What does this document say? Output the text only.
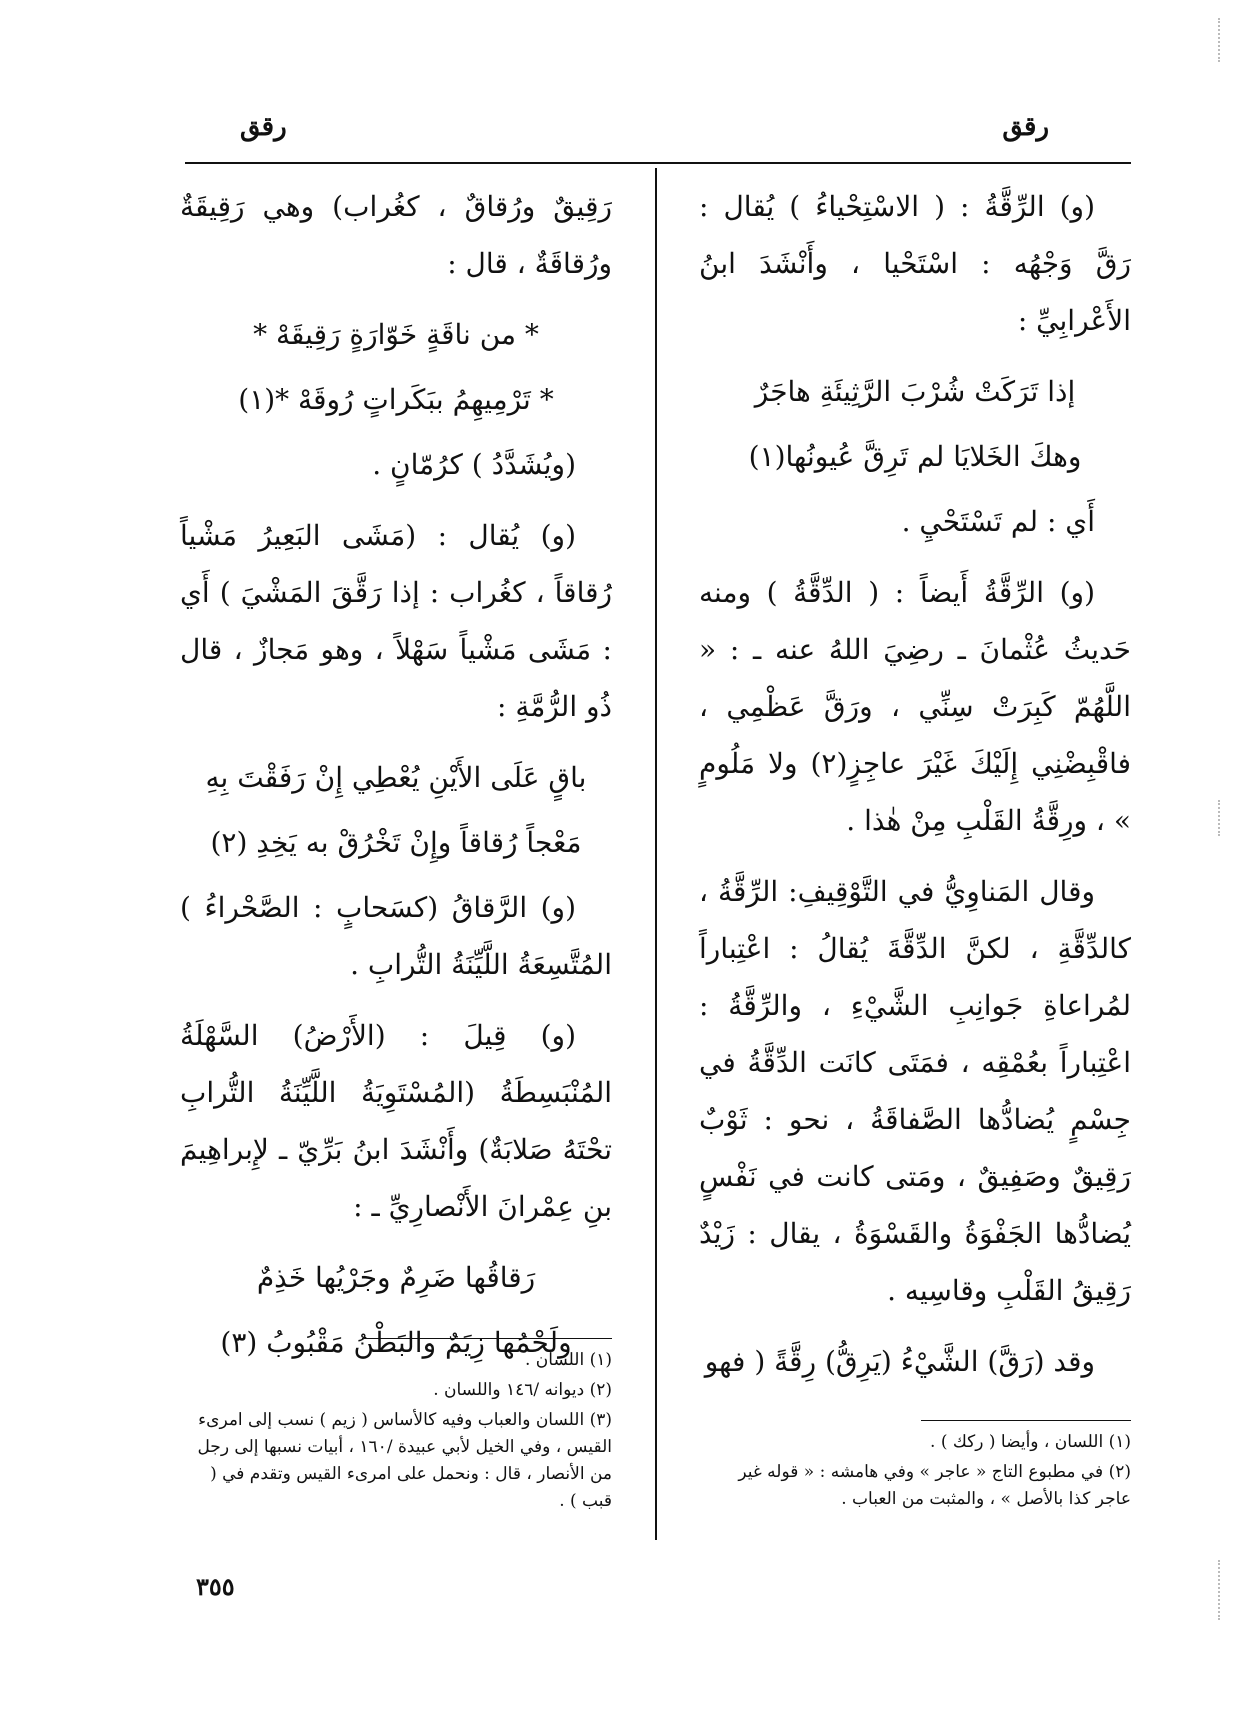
رقق
رقق

(و) الرِّقَّةُ : ( الاسْتِحْياءُ ) يُقال : رَقَّ وَجْهُه : اسْتَحْيا ، وأَنْشَدَ ابنُ الأَعْرابِيِّ :

إذا تَرَكَتْ شُرْبَ الرَّثِيئَةِ هاجَرٌ

وهكَ الخَلايَا لم تَرِقَّ عُيونُها(١)

أَي : لم تَسْتَحْيِ .

(و) الرِّقَّةُ أَيضاً : ( الدِّقَّةُ ) ومنه حَديثُ عُثْمانَ ـ رضِيَ اللهُ عنه ـ : « اللَّهُمّ كَبِرَتْ سِنِّي ، ورَقَّ عَظْمِي ، فاقْبِضْنِي إِلَيْكَ غَيْرَ عاجِزٍ(٢) ولا مَلُومٍ » ، ورِقَّةُ القَلْبِ مِنْ هٰذا .

وقال المَناوِيُّ في التَّوْقِيفِ: الرِّقَّةُ ، كالدِّقَّةِ ، لكنَّ الدِّقَّةَ يُقالُ : اعْتِباراً لمُراعاةِ جَوانِبِ الشَّيْءِ ، والرِّقَّةُ : اعْتِباراً بعُمْقِه ، فمَتَى كانَت الدِّقَّةُ في جِسْمٍ يُضادُّها الصَّفاقَةُ ، نحو : ثَوْبٌ رَقِيقٌ وصَفِيقٌ ، ومَتى كانت في نَفْسٍ يُضادُّها الجَفْوَةُ والقَسْوَةُ ، يقال : زَيْدٌ رَقِيقُ القَلْبِ وقاسِيه .

وقد (رَقَّ) الشَّيْءُ (يَرِقُّ) رِقَّةً ( فهو

(١) اللسان ، وأيضا ( ركك ) .

(٢) في مطبوع التاج « عاجر » وفي هامشه : « قوله غير عاجر كذا بالأصل » ، والمثبت من العباب .

رَقِيقٌ ورُقاقٌ ، كغُراب) وهي رَقِيقَةٌ ورُقاقَةٌ ، قال :

* من ناقَةٍ خَوّارَةٍ رَقِيقَهْ *

* تَرْمِيهِمُ ببَكَراتٍ رُوقَهْ *(١)

(ويُشَدَّدُ ) كرُمّانٍ .

(و) يُقال : (مَشَى البَعِيرُ مَشْياً رُقاقاً ، كغُراب : إذا رَقَّقَ المَشْيَ ) أَي : مَشَى مَشْياً سَهْلاً ، وهو مَجازٌ ، قال ذُو الرُّمَّةِ :

باقٍ عَلَى الأَيْنِ يُعْطِي إِنْ رَفَقْتَ بِهِ

مَعْجاً رُقاقاً وإِنْ تَخْرُقْ به يَخِدِ (٢)

(و) الرَّقاقُ (كسَحابٍ : الصَّحْراءُ ) المُتَّسِعَةُ اللَّيِّنَةُ التُّرابِ .

(و) قِيلَ : (الأَرْضُ) السَّهْلَةُ المُنْبَسِطَةُ (المُسْتَوِيَةُ اللَّيِّنَةُ التُّرابِ تحْتَهُ صَلابَةٌ) وأَنْشَدَ ابنُ بَرِّيّ ـ لإِبراهِيمَ بنِ عِمْرانَ الأَنْصارِيِّ ـ :

رَقاقُها ضَرِمٌ وجَرْيُها خَذِمٌ

ولَحْمُها زِيَمٌ والبَطْنُ مَقْبُوبُ (٣)

(١) اللسان .

(٢) ديوانه /١٤٦ واللسان .

(٣) اللسان والعباب وفيه كالأساس ( زيم ) نسب إلى امرىء القيس ، وفي الخيل لأبي عبيدة /١٦٠ ، أبيات نسبها إلى رجل من الأنصار ، قال : ونحمل على امرىء القيس وتقدم في ( قبب ) .

٣٥٥
